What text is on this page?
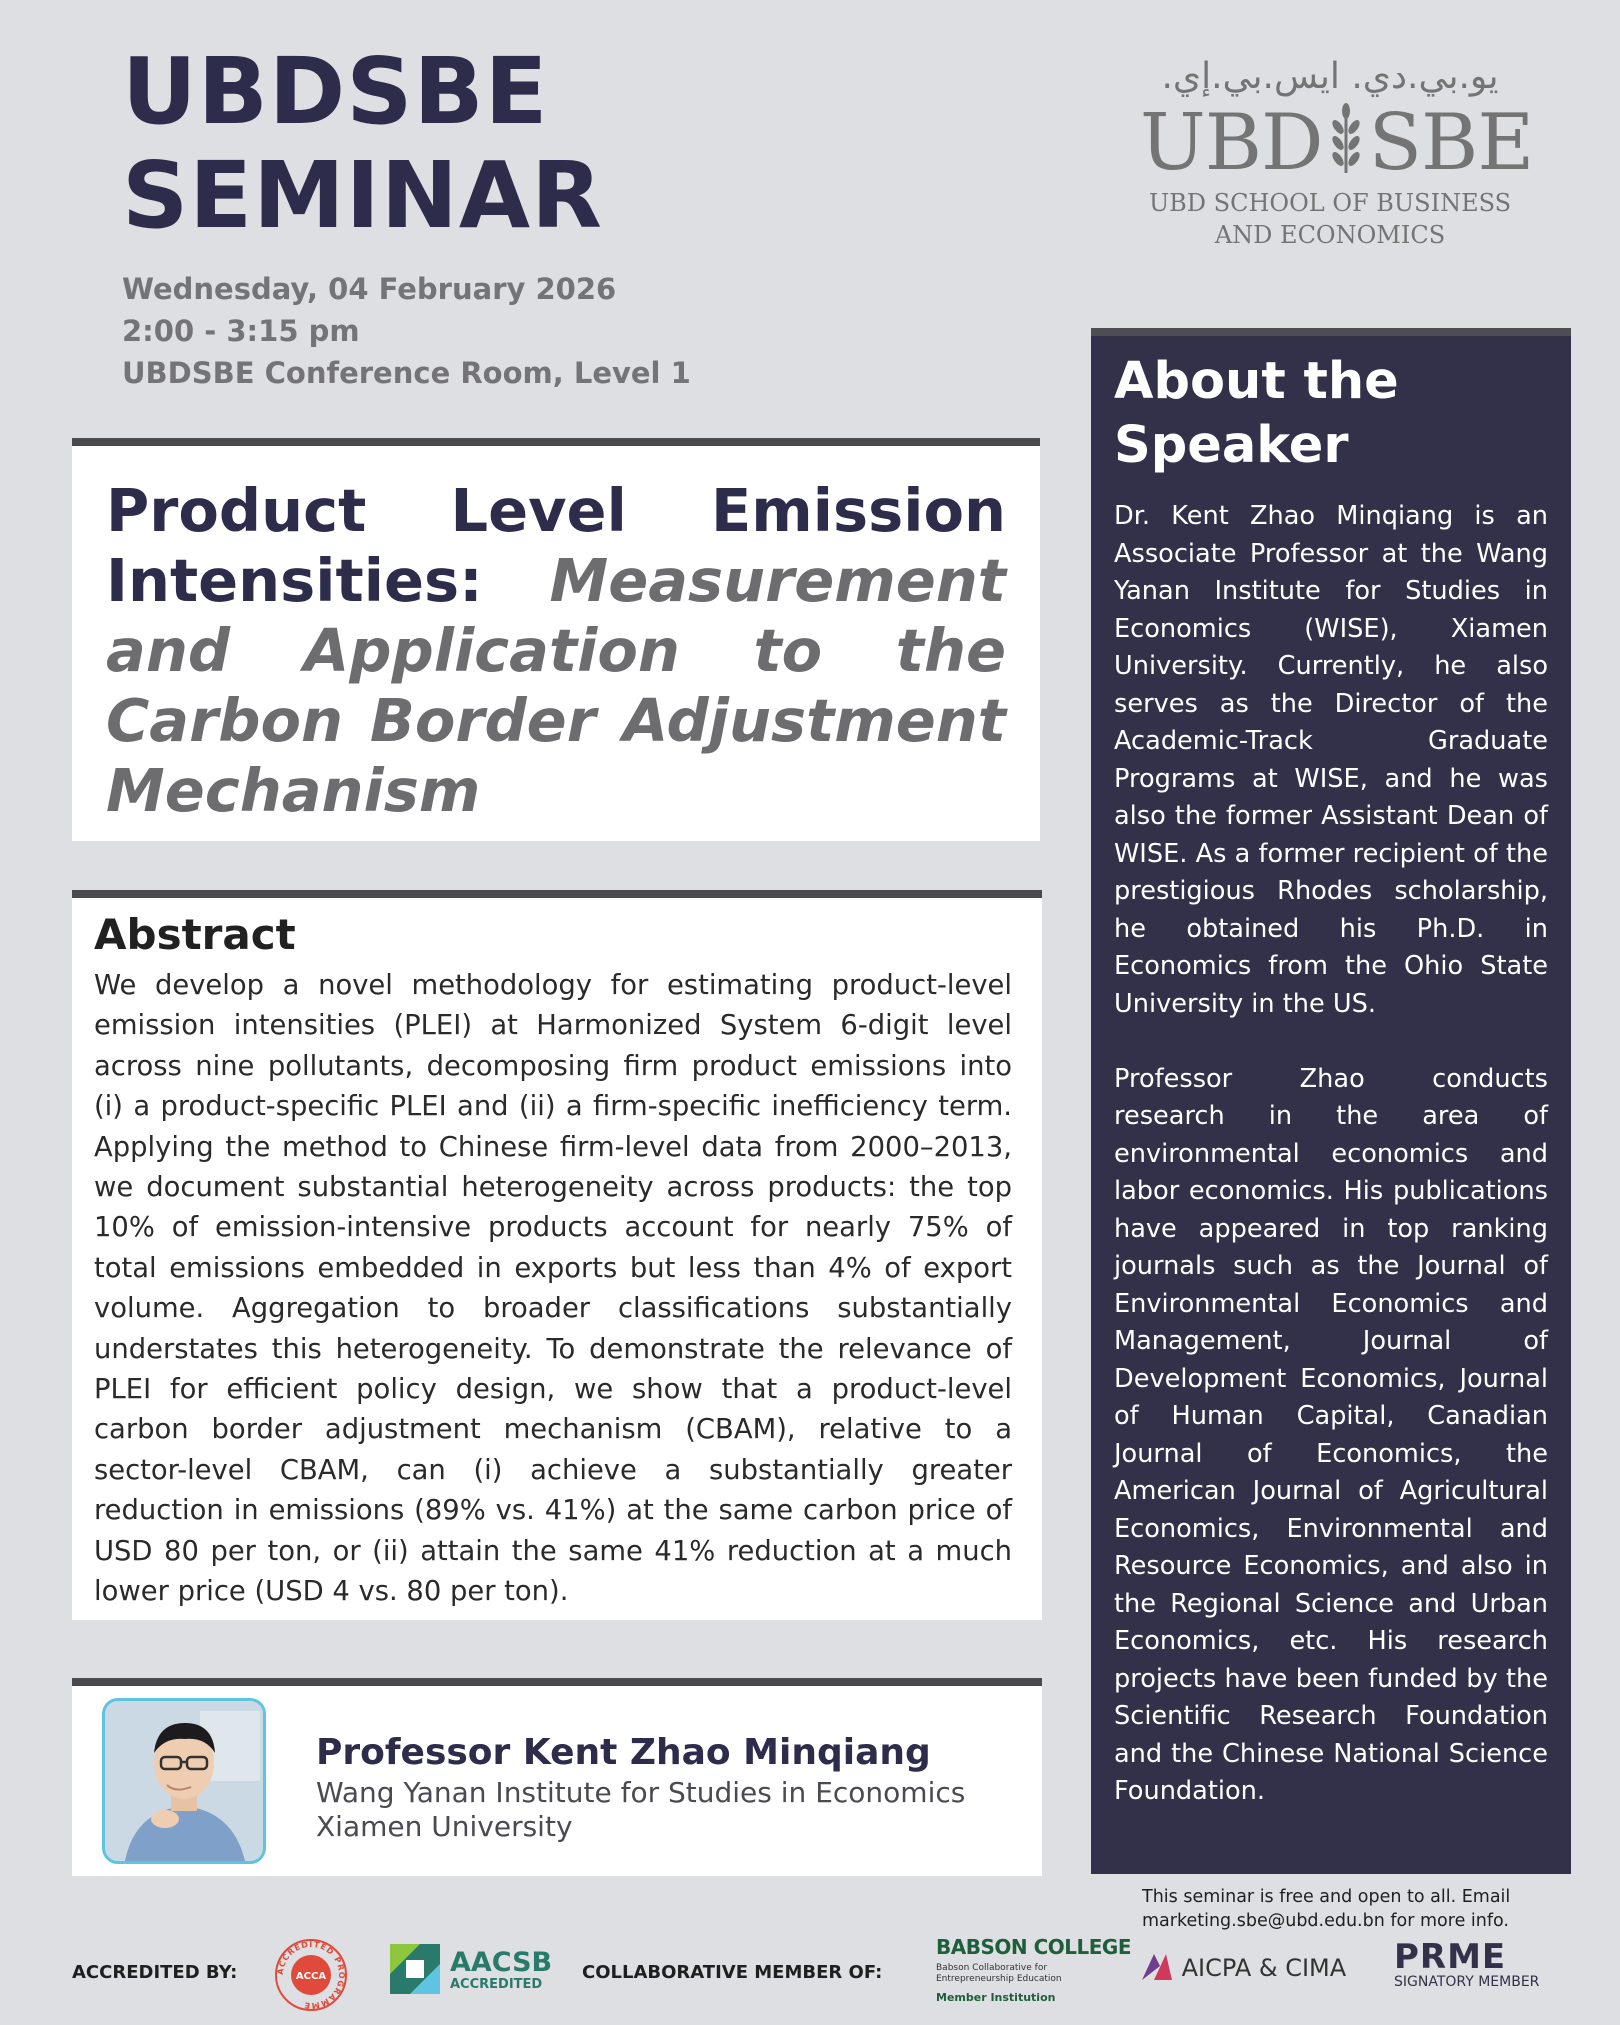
UBDSBE
SEMINAR
Wednesday, 04 February 2026
2:00 - 3:15 pm
UBDSBE Conference Room, Level 1
يو.بي.دي. ايس.بي.إي.
UBD SBE
UBD SCHOOL OF BUSINESS
AND ECONOMICS

Product Level Emission Intensities: Measurement and Application to the Carbon Border Adjustment Mechanism

Abstract

We develop a novel methodology for estimating product-level emission intensities (PLEI) at Harmonized System 6-digit level across nine pollutants, decomposing firm product emissions into (i) a product-specific PLEI and (ii) a firm-specific inefficiency term. Applying the method to Chinese firm-level data from 2000–2013, we document substantial heterogeneity across products: the top 10% of emission-intensive products account for nearly 75% of total emissions embedded in exports but less than 4% of export volume. Aggregation to broader classifications substantially understates this heterogeneity. To demonstrate the relevance of PLEI for efficient policy design, we show that a product-level carbon border adjustment mechanism (CBAM), relative to a sector-level CBAM, can (i) achieve a substantially greater reduction in emissions (89% vs. 41%) at the same carbon price of USD 80 per ton, or (ii) attain the same 41% reduction at a much lower price (USD 4 vs. 80 per ton).

Professor Kent Zhao Minqiang
Wang Yanan Institute for Studies in Economics
Xiamen University
About the
Speaker

Dr. Kent Zhao Minqiang is an Associate Professor at the Wang Yanan Institute for Studies in Economics (WISE), Xiamen University. Currently, he also serves as the Director of the Academic-Track Graduate Programs at WISE, and he was also the former Assistant Dean of WISE. As a former recipient of the prestigious Rhodes scholarship, he obtained his Ph.D. in Economics from the Ohio State University in the US.

Professor Zhao conducts research in the area of environmental economics and labor economics. His publications have appeared in top ranking journals such as the Journal of Environmental Economics and Management, Journal of Development Economics, Journal of Human Capital, Canadian Journal of Economics, the American Journal of Agricultural Economics, Environmental and Resource Economics, and also in the Regional Science and Urban Economics, etc. His research projects have been funded by the Scientific Research Foundation and the Chinese National Science Foundation.

This seminar is free and open to all. Email
marketing.sbe@ubd.edu.bn for more info.
ACCREDITED BY:	ACCREDITED PROGRAMME
ACCA	AACSB
ACCREDITED
COLLABORATIVE MEMBER OF:
BABSON COLLEGE
Babson Collaborative for
Entrepreneurship Education
Member Institution
AICPA & CIMA PRME
SIGNATORY MEMBER
